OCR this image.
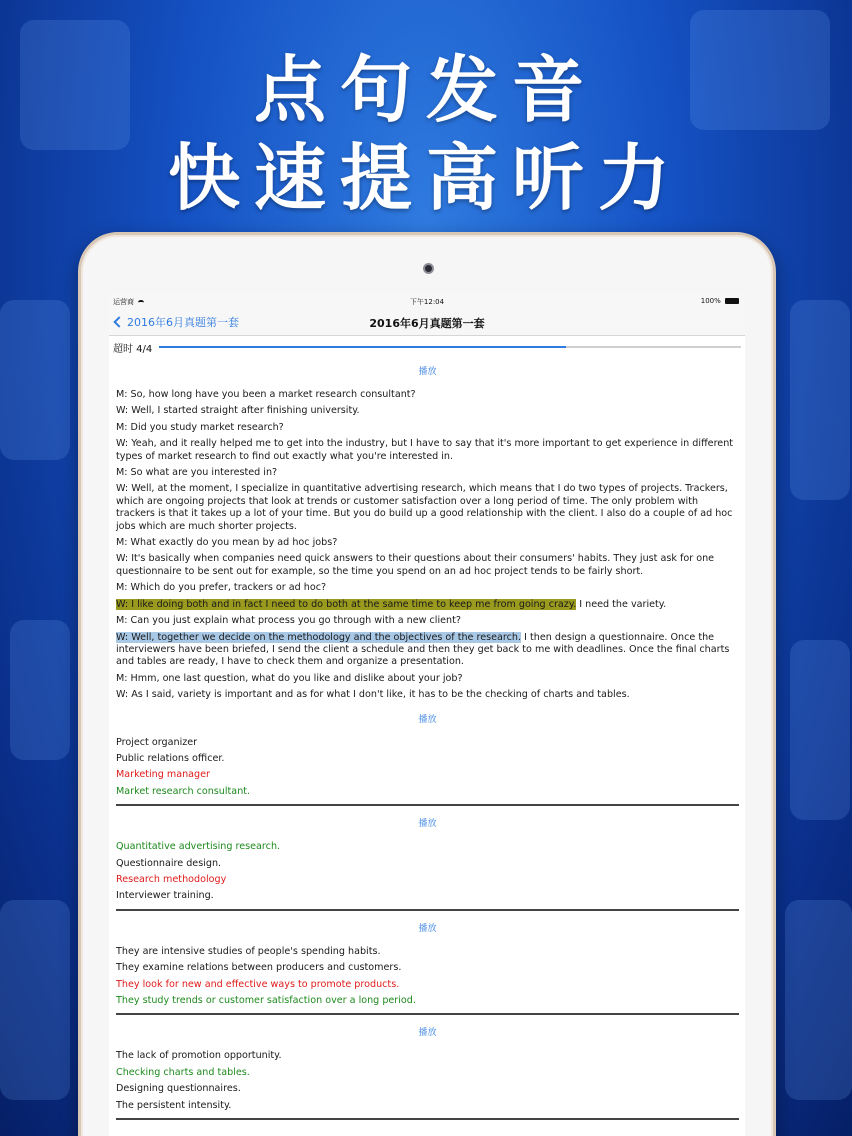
点句发音
快速提高听力
运营商	下午12:04	100%
2016年6月真题第一套	2016年6月真题第一套
超时 4/4
播放
M: So, how long have you been a market research consultant?
W: Well, I started straight after finishing university.
M: Did you study market research?
W: Yeah, and it really helped me to get into the industry, but I have to say that it's more important to get experience in different types of market research to find out exactly what you're interested in.
M: So what are you interested in?
W: Well, at the moment, I specialize in quantitative advertising research, which means that I do two types of projects. Trackers, which are ongoing projects that look at trends or customer satisfaction over a long period of time. The only problem with trackers is that it takes up a lot of your time. But you do build up a good relationship with the client. I also do a couple of ad hoc jobs which are much shorter projects.
M: What exactly do you mean by ad hoc jobs?
W: It's basically when companies need quick answers to their questions about their consumers' habits. They just ask for one questionnaire to be sent out for example, so the time you spend on an ad hoc project tends to be fairly short.
M: Which do you prefer, trackers or ad hoc?
W: I like doing both and in fact I need to do both at the same time to keep me from going crazy. I need the variety.
M: Can you just explain what process you go through with a new client?
W: Well, together we decide on the methodology and the objectives of the research. I then design a questionnaire. Once the interviewers have been briefed, I send the client a schedule and then they get back to me with deadlines. Once the final charts and tables are ready, I have to check them and organize a presentation.
M: Hmm, one last question, what do you like and dislike about your job?
W: As I said, variety is important and as for what I don't like, it has to be the checking of charts and tables.
播放
Project organizer
Public relations officer.
Marketing manager
Market research consultant.
播放
Quantitative advertising research.
Questionnaire design.
Research methodology
Interviewer training.
播放
They are intensive studies of people's spending habits.
They examine relations between producers and customers.
They look for new and effective ways to promote products.
They study trends or customer satisfaction over a long period.
播放
The lack of promotion opportunity.
Checking charts and tables.
Designing questionnaires.
The persistent intensity.
